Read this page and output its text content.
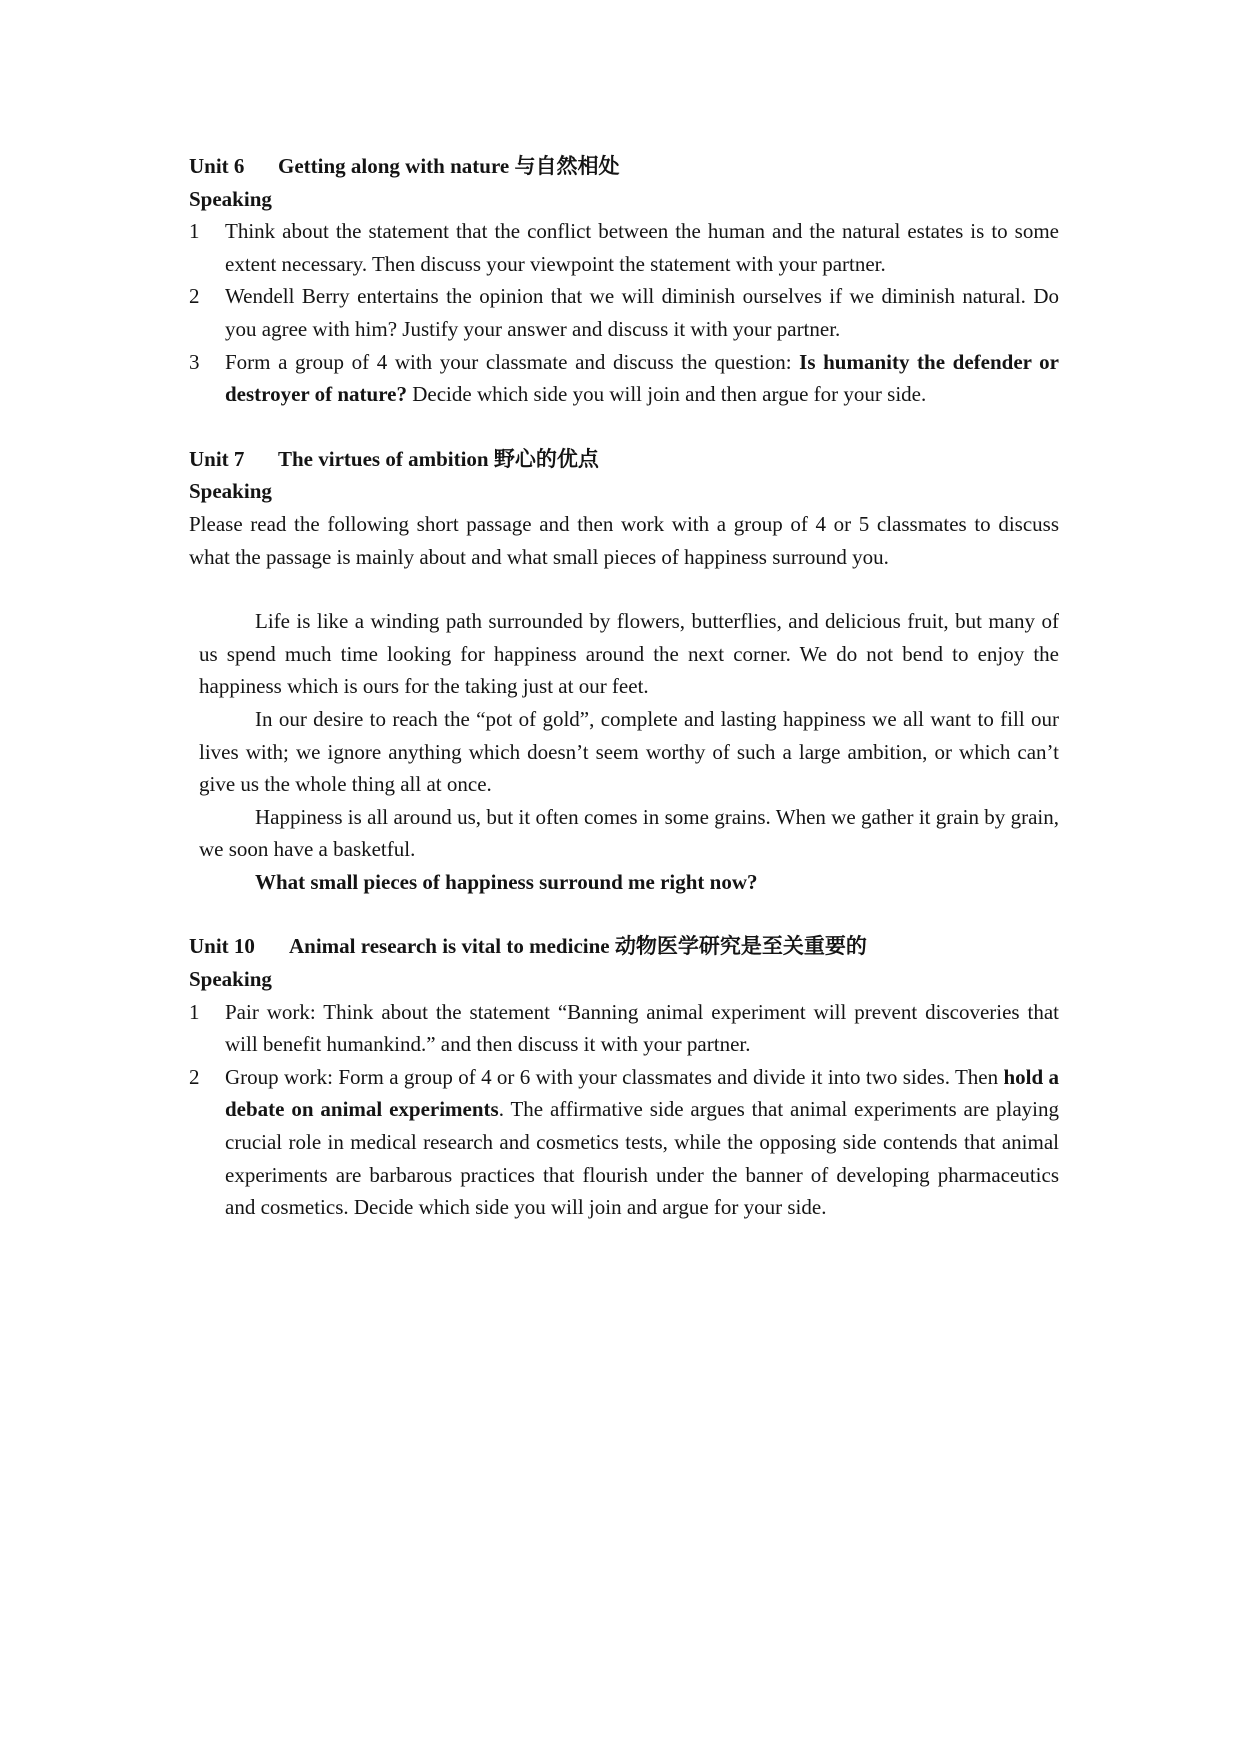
Unit 6 Getting along with nature 与自然相处
Speaking
1	Think about the statement that the conflict between the human and the natural estates is to some extent necessary. Then discuss your viewpoint the statement with your partner.
2	Wendell Berry entertains the opinion that we will diminish ourselves if we diminish natural. Do you agree with him? Justify your answer and discuss it with your partner.
3	Form a group of 4 with your classmate and discuss the question: Is humanity the defender or destroyer of nature? Decide which side you will join and then argue for your side.
Unit 7 The virtues of ambition 野心的优点
Speaking

Please read the following short passage and then work with a group of 4 or 5 classmates to discuss what the passage is mainly about and what small pieces of happiness surround you.

Life is like a winding path surrounded by flowers, butterflies, and delicious fruit, but many of us spend much time looking for happiness around the next corner. We do not bend to enjoy the happiness which is ours for the taking just at our feet.

In our desire to reach the “pot of gold”, complete and lasting happiness we all want to fill our lives with; we ignore anything which doesn’t seem worthy of such a large ambition, or which can’t give us the whole thing all at once.

Happiness is all around us, but it often comes in some grains. When we gather it grain by grain, we soon have a basketful.

What small pieces of happiness surround me right now?

Unit 10 Animal research is vital to medicine 动物医学研究是至关重要的
Speaking
1	Pair work: Think about the statement “Banning animal experiment will prevent discoveries that will benefit humankind.” and then discuss it with your partner.
2	Group work: Form a group of 4 or 6 with your classmates and divide it into two sides. Then hold a debate on animal experiments. The affirmative side argues that animal experiments are playing crucial role in medical research and cosmetics tests, while the opposing side contends that animal experiments are barbarous practices that flourish under the banner of developing pharmaceutics and cosmetics. Decide which side you will join and argue for your side.
